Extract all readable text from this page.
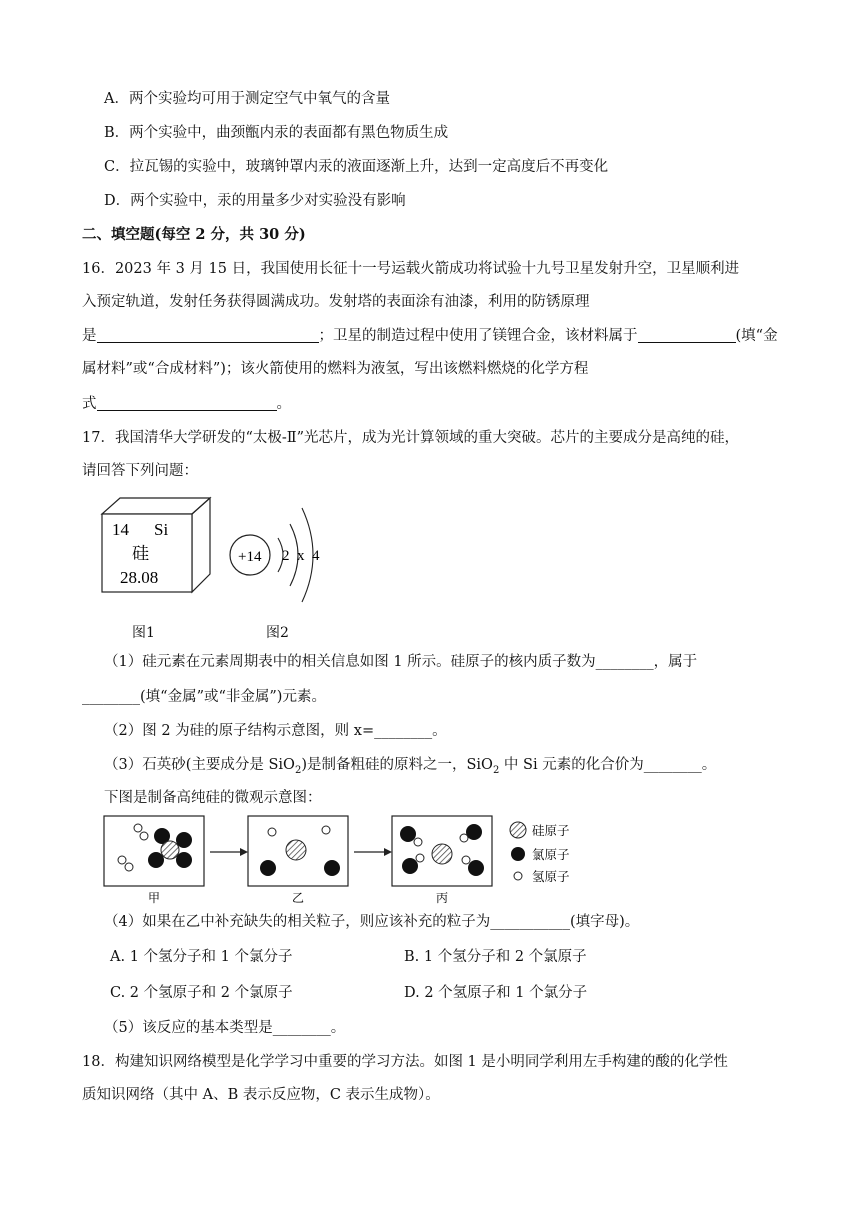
A．两个实验均可用于测定空气中氧气的含量
B．两个实验中，曲颈甑内汞的表面都有黑色物质生成
C．拉瓦锡的实验中，玻璃钟罩内汞的液面逐渐上升，达到一定高度后不再变化
D．两个实验中，汞的用量多少对实验没有影响
二、填空题(每空 2 分，共 30 分)
16．2023 年 3 月 15 日，我国使用长征十一号运载火箭成功将试验十九号卫星发射升空，卫星顺利进
入预定轨道，发射任务获得圆满成功。发射塔的表面涂有油漆，利用的防锈原理
是	；卫星的制造过程中使用了镁锂合金，该材料属于	(填“金
属材料”或“合成材料”)；该火箭使用的燃料为液氢，写出该燃料燃烧的化学方程
式	。
17．我国清华大学研发的“太极-Ⅱ”光芯片，成为光计算领域的重大突破。芯片的主要成分是高纯的硅，
请回答下列问题：
14 Si
硅
28.08
图1
+14 2 x 4
图2
（1）硅元素在元素周期表中的相关信息如图 1 所示。硅原子的核内质子数为________，属于
________(填“金属”或“非金属”)元素。
（2）图 2 为硅的原子结构示意图，则 x=________。
（3）石英砂(主要成分是 SiO$_2$)是制备粗硅的原料之一，SiO$_2$ 中 Si 元素的化合价为________。
下图是制备高纯硅的微观示意图：
甲	乙	丙
硅原子
氯原子
氢原子
（4）如果在乙中补充缺失的相关粒子，则应该补充的粒子为___________(填字母)。
A. 1 个氢分子和 1 个氯分子	B. 1 个氢分子和 2 个氯原子
C. 2 个氢原子和 2 个氯原子	D. 2 个氢原子和 1 个氯分子
（5）该反应的基本类型是________。
18．构建知识网络模型是化学学习中重要的学习方法。如图 1 是小明同学利用左手构建的酸的化学性
质知识网络（其中 A、B 表示反应物，C 表示生成物）。
